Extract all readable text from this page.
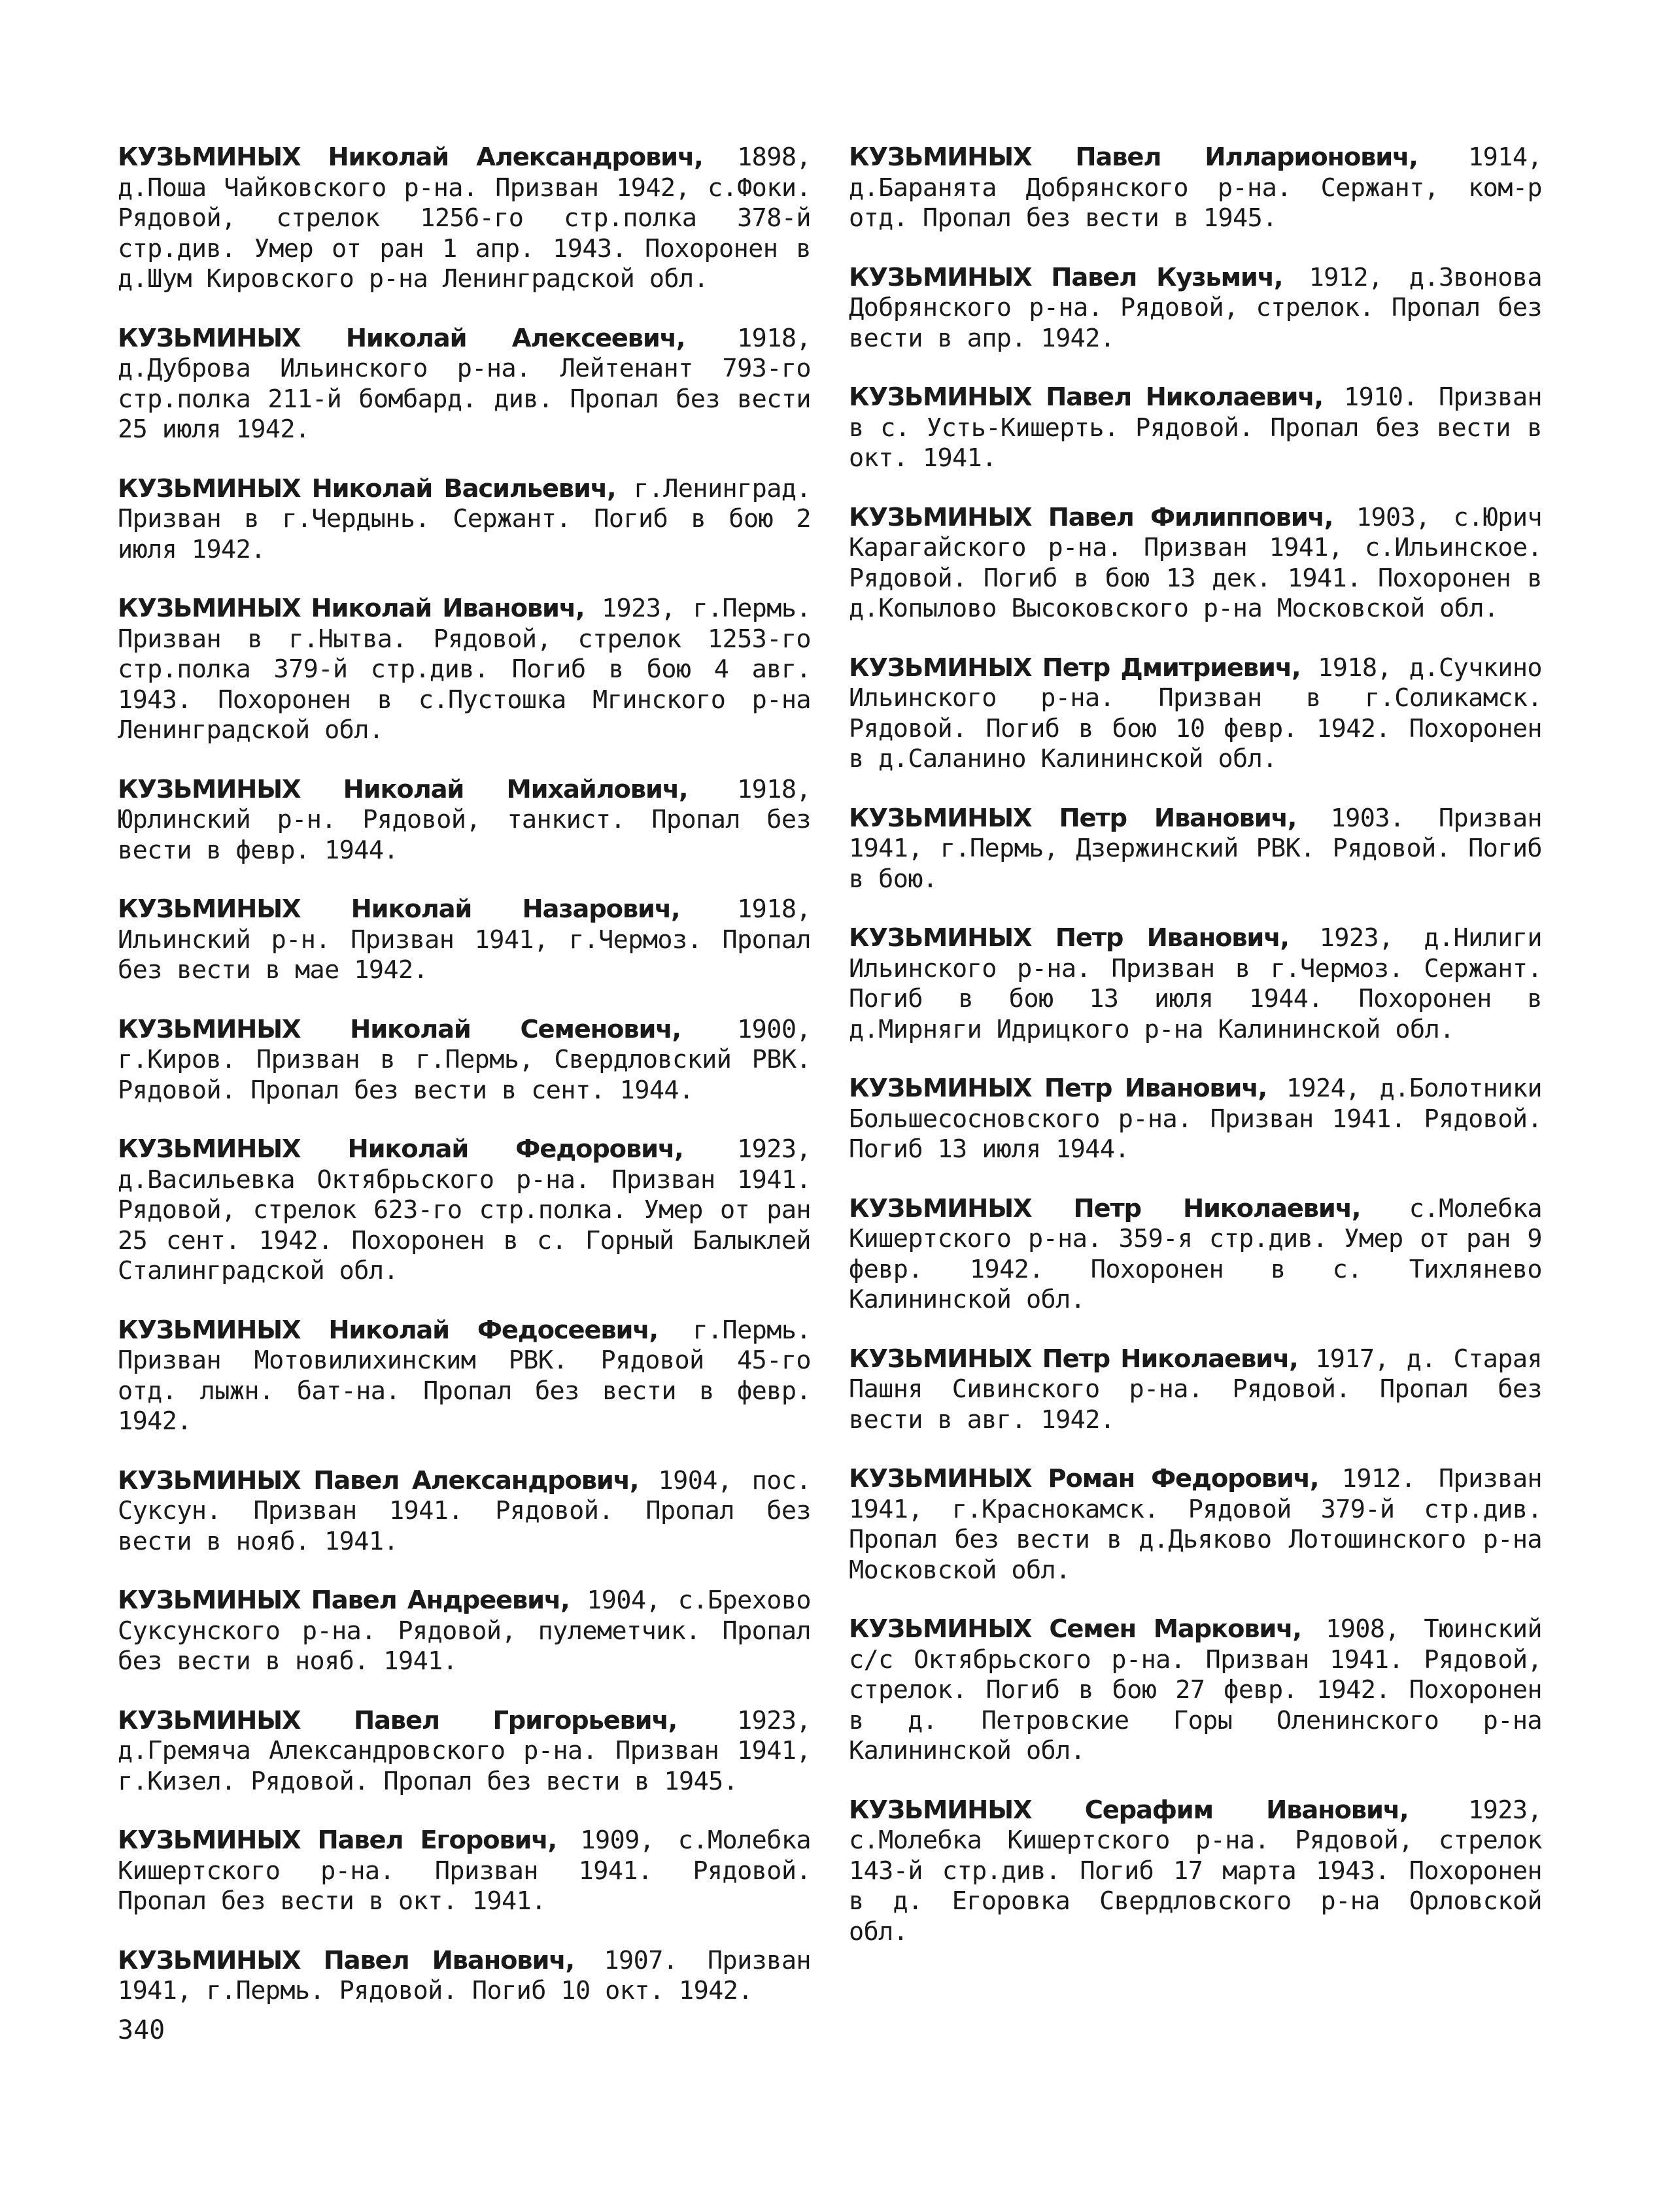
КУЗЬМИНЫХ Николай Александрович, 1898, д.Поша Чайковского р-на. Призван 1942, с.Фоки. Рядовой, стрелок 1256-го стр.полка 378-й стр.див. Умер от ран 1 апр. 1943. Похоронен в д.Шум Кировского р-на Ленинградской обл.

КУЗЬМИНЫХ Николай Алексеевич, 1918, д.Дуброва Ильинского р-на. Лейтенант 793-го стр.полка 211-й бомбард. див. Пропал без вести 25 июля 1942.

КУЗЬМИНЫХ Николай Васильевич, г.Ленинград. Призван в г.Чердынь. Сержант. Погиб в бою 2 июля 1942.

КУЗЬМИНЫХ Николай Иванович, 1923, г.Пермь. Призван в г.Нытва. Рядовой, стрелок 1253-го стр.полка 379-й стр.див. Погиб в бою 4 авг. 1943. Похоронен в с.Пустошка Мгинского р-на Ленинградской обл.

КУЗЬМИНЫХ Николай Михайлович, 1918, Юрлинский р-н. Рядовой, танкист. Пропал без вести в февр. 1944.

КУЗЬМИНЫХ Николай Назарович, 1918, Ильинский р-н. Призван 1941, г.Чермоз. Пропал без вести в мае 1942.

КУЗЬМИНЫХ Николай Семенович, 1900, г.Киров. Призван в г.Пермь, Свердловский РВК. Рядовой. Пропал без вести в сент. 1944.

КУЗЬМИНЫХ Николай Федорович, 1923, д.Васильевка Октябрьского р-на. Призван 1941. Рядовой, стрелок 623-го стр.полка. Умер от ран 25 сент. 1942. Похоронен в с. Горный Балыклей Сталинградской обл.

КУЗЬМИНЫХ Николай Федосеевич, г.Пермь. Призван Мотовилихинским РВК. Рядовой 45-го отд. лыжн. бат-на. Пропал без вести в февр. 1942.

КУЗЬМИНЫХ Павел Александрович, 1904, пос. Суксун. Призван 1941. Рядовой. Пропал без вести в нояб. 1941.

КУЗЬМИНЫХ Павел Андреевич, 1904, с.Брехово Суксунского р-на. Рядовой, пулеметчик. Пропал без вести в нояб. 1941.

КУЗЬМИНЫХ Павел Григорьевич, 1923, д.Гремяча Александровского р-на. Призван 1941, г.Кизел. Рядовой. Пропал без вести в 1945.

КУЗЬМИНЫХ Павел Егорович, 1909, с.Молебка Кишертского р-на. Призван 1941. Рядовой. Пропал без вести в окт. 1941.

КУЗЬМИНЫХ Павел Иванович, 1907. Призван 1941, г.Пермь. Рядовой. Погиб 10 окт. 1942.

КУЗЬМИНЫХ Павел Илларионович, 1914, д.Баранята Добрянского р-на. Сержант, ком-р отд. Пропал без вести в 1945.

КУЗЬМИНЫХ Павел Кузьмич, 1912, д.Звонова Добрянского р-на. Рядовой, стрелок. Пропал без вести в апр. 1942.

КУЗЬМИНЫХ Павел Николаевич, 1910. Призван в с. Усть-Кишерть. Рядовой. Пропал без вести в окт. 1941.

КУЗЬМИНЫХ Павел Филиппович, 1903, с.Юрич Карагайского р-на. Призван 1941, с.Ильинское. Рядовой. Погиб в бою 13 дек. 1941. Похоронен в д.Копылово Высоковского р-на Московской обл.

КУЗЬМИНЫХ Петр Дмитриевич, 1918, д.Сучкино Ильинского р-на. Призван в г.Соликамск. Рядовой. Погиб в бою 10 февр. 1942. Похоронен в д.Саланино Калининской обл.

КУЗЬМИНЫХ Петр Иванович, 1903. Призван 1941, г.Пермь, Дзержинский РВК. Рядовой. Погиб в бою.

КУЗЬМИНЫХ Петр Иванович, 1923, д.Нилиги Ильинского р-на. Призван в г.Чермоз. Сержант. Погиб в бою 13 июля 1944. Похоронен в д.Мирняги Идрицкого р-на Калининской обл.

КУЗЬМИНЫХ Петр Иванович, 1924, д.Болотники Большесосновского р-на. Призван 1941. Рядовой. Погиб 13 июля 1944.

КУЗЬМИНЫХ Петр Николаевич, с.Молебка Кишертского р-на. 359-я стр.див. Умер от ран 9 февр. 1942. Похоронен в с. Тихлянево Калининской обл.

КУЗЬМИНЫХ Петр Николаевич, 1917, д. Старая Пашня Сивинского р-на. Рядовой. Пропал без вести в авг. 1942.

КУЗЬМИНЫХ Роман Федорович, 1912. Призван 1941, г.Краснокамск. Рядовой 379-й стр.див. Пропал без вести в д.Дьяково Лотошинского р-на Московской обл.

КУЗЬМИНЫХ Семен Маркович, 1908, Тюинский с/с Октябрьского р-на. Призван 1941. Рядовой, стрелок. Погиб в бою 27 февр. 1942. Похоронен в д. Петровские Горы Оленинского р-на Калининской обл.

КУЗЬМИНЫХ Серафим Иванович, 1923, с.Молебка Кишертского р-на. Рядовой, стрелок 143-й стр.див. Погиб 17 марта 1943. Похоронен в д. Егоровка Свердловского р-на Орловской обл.

340
